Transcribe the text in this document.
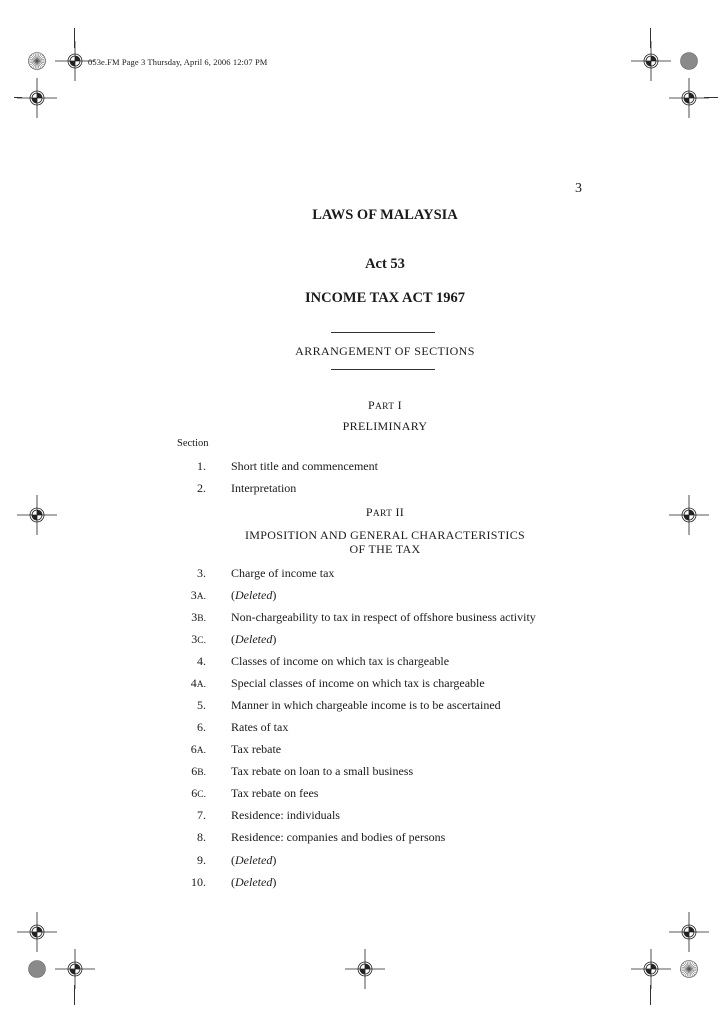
053e.FM Page 3 Thursday, April 6, 2006 12:07 PM
3
LAWS OF MALAYSIA
Act 53
INCOME TAX ACT 1967
ARRANGEMENT OF SECTIONS
PART I
PRELIMINARY
Section
PART II
IMPOSITION AND GENERAL CHARACTERISTICS
OF THE TAX
1. Short title and commencement
2. Interpretation
3. Charge of income tax
3A. (Deleted)
3B. Non-chargeability to tax in respect of offshore business activity
3C. (Deleted)
4. Classes of income on which tax is chargeable
4A. Special classes of income on which tax is chargeable
5. Manner in which chargeable income is to be ascertained
6. Rates of tax
6A. Tax rebate
6B. Tax rebate on loan to a small business
6C. Tax rebate on fees
7. Residence: individuals
8. Residence: companies and bodies of persons
9. (Deleted)
10. (Deleted)
